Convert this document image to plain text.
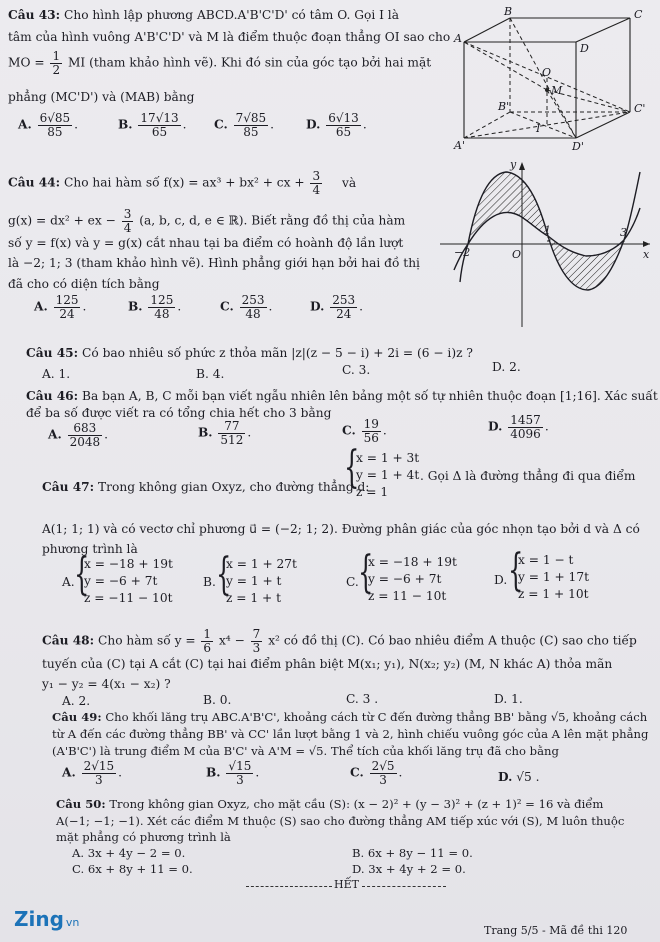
Câu 43: Cho hình lập phương ABCD.A'B'C'D' có tâm O. Gọi I là
tâm của hình vuông A'B'C'D' và M là điểm thuộc đoạn thẳng OI sao cho
MO = $\frac{1}{2}$ MI (tham khảo hình vẽ). Khi đó sin của góc tạo bởi hai mặt
phẳng (MC'D') và (MAB) bằng
A. $\frac{6√85}{85}$ .	B. $\frac{17√13}{65}$ . C. $\frac{7√85}{85}$ .	D. $\frac{6√13}{65}$ .
B	C
A
D
O
M
B'	C'
I
A'	D'
Câu 44: Cho hai hàm số f(x) = ax³ + bx² + cx + $\frac{3}{4}$ và
g(x) = dx² + ex − $\frac{3}{4} (a$, b, c, d, e ∈ ℝ). Biết rằng đồ thị của hàm
số y = f(x) và y = g(x) cắt nhau tại ba điểm có hoành độ lần lượt
là −2; 1; 3 (tham khảo hình vẽ). Hình phẳng giới hạn bởi hai đồ thị
đã cho có diện tích bằng
A. $\frac{125}{24}$ .	B. $\frac{125}{48}$ .	C. $\frac{253}{48}$ .	D. $\frac{253}{24}$ .
y
x
O
−2
1	3
Câu 45: Có bao nhiêu số phức z thỏa mãn |z|(z − 5 − i) + 2i = (6 − i)z ?
A. 1.	B. 4.	C. 3.	D. 2.
Câu 46: Ba bạn A, B, C mỗi bạn viết ngẫu nhiên lên bảng một số tự nhiên thuộc đoạn [1;16]. Xác suất
để ba số được viết ra có tổng chia hết cho 3 bằng
A. $\frac{683}{2048}$ .	B. $\frac{77}{512}$ .	C. $\frac{19}{56}$ .	D. $\frac{1457}{4096}$ .
Câu 47: Trong không gian Oxyz, cho đường thẳng d:
{
x = 1 + 3t
y = 1 + 4t
z = 1
. Gọi Δ là đường thẳng đi qua điểm
A(1; 1; 1) và có vectơ chỉ phương u⃗ = (−2; 1; 2). Đường phân giác của góc nhọn tạo bởi d và Δ có
phương trình là
A. {
x = −18 + 19t
y = −6 + 7t
z = −11 − 10t
B. {
x = 1 + 27t
y = 1 + t
z = 1 + t
C. {
x = −18 + 19t
y = −6 + 7t
z = 11 − 10t
D. {
x = 1 − t
y = 1 + 17t
z = 1 + 10t
Câu 48: Cho hàm số $y = \frac{1}{6} x^4 - \frac{7}{3} x^2$ có đồ thị (C). Có bao nhiêu điểm A thuộc (C) sao cho tiếp
tuyến của (C) tại A cắt (C) tại hai điểm phân biệt M(x₁; y₁), N(x₂; y₂) (M, N khác A) thỏa mãn
y₁ − y₂ = 4(x₁ − x₂) ?
A. 2.	B. 0.	C. 3 .	D. 1.
Câu 49: Cho khối lăng trụ ABC.A'B'C', khoảng cách từ C đến đường thẳng BB' bằng √5, khoảng cách
từ A đến các đường thẳng BB' và CC' lần lượt bằng 1 và 2, hình chiếu vuông góc của A lên mặt phẳng
(A'B'C') là trung điểm M của B'C' và A'M = √5. Thể tích của khối lăng trụ đã cho bằng
A. $\frac{2√15}{3}$ .	B. $\frac{√15}{3}$ .	C. $\frac{2√5}{3}$ .	D. √5 .
Câu 50: Trong không gian Oxyz, cho mặt cầu (S): (x − 2)² + (y − 3)² + (z + 1)² = 16 và điểm
A(−1; −1; −1). Xét các điểm M thuộc (S) sao cho đường thẳng AM tiếp xúc với (S), M luôn thuộc
mặt phẳng có phương trình là
A. 3x + 4y − 2 = 0.	B. 6x + 8y − 11 = 0.
C. 6x + 8y + 11 = 0.	D. 3x + 4y + 2 = 0.
HẾT
Zing vn
Trang 5/5 - Mã đề thi 120
